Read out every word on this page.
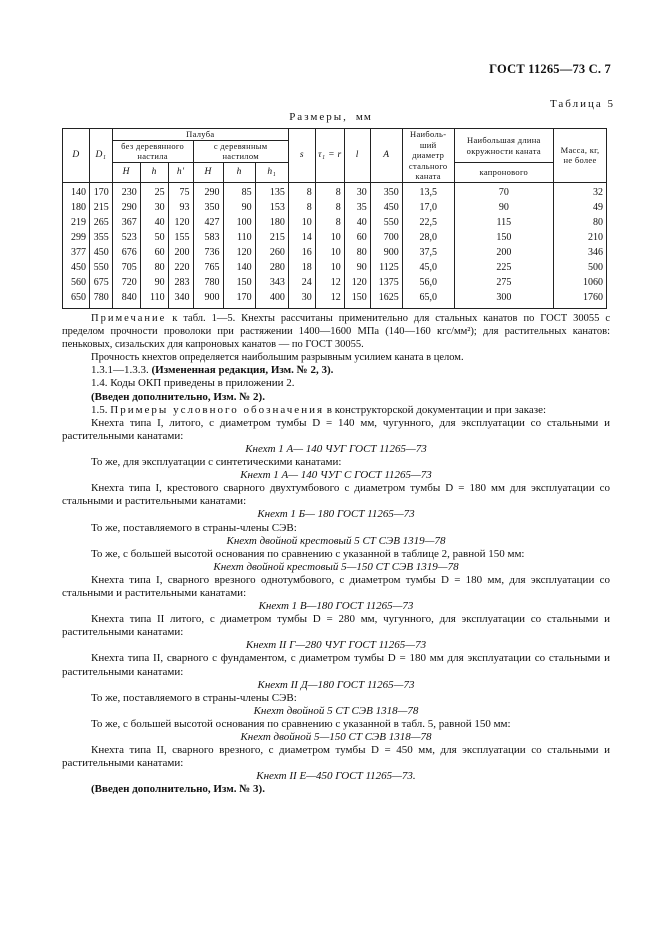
ГОСТ 11265—73 С. 7
Таблица 5
Размеры, мм
D	D₁	Палуба						s	τ₁ = r	l	A	Наиболь- ший диаметр стального каната	Наибольшая длина окружности каната	Масса, кг, не более
		без деревянного настила			с деревянным настилом									
		H	h	h'	H	h	h₁						капронового	
140	170	230	25	75	290	85	135	8	8	30	350	13,5	70	32
180	215	290	30	93	350	90	153	8	8	35	450	17,0	90	49
219	265	367	40	120	427	100	180	10	8	40	550	22,5	115	80
299	355	523	50	155	583	110	215	14	10	60	700	28,0	150	210
377	450	676	60	200	736	120	260	16	10	80	900	37,5	200	346
450	550	705	80	220	765	140	280	18	10	90	1125	45,0	225	500
560	675	720	90	283	780	150	343	24	12	120	1375	56,0	275	1060
650	780	840	110	340	900	170	400	30	12	150	1625	65,0	300	1760

Примечание к табл. 1—5. Кнехты рассчитаны применительно для стальных канатов по ГОСТ 30055 с пределом прочности проволоки при растяжении 1400—1600 МПа (140—160 кгс/мм²); для растительных канатов: пеньковых, сизальских для капроновых канатов — по ГОСТ 30055.

Прочность кнехтов определяется наибольшим разрывным усилием каната в целом.

1.3.1—1.3.3. (Измененная редакция, Изм. № 2, 3).

1.4. Коды ОКП приведены в приложении 2.

(Введен дополнительно, Изм. № 2).

1.5. Примеры условного обозначения в конструкторской документации и при заказе:

Кнехта типа I, литого, с диаметром тумбы D = 140 мм, чугунного, для эксплуатации со стальными и растительными канатами:

Кнехт 1 А— 140 ЧУГ ГОСТ 11265—73

То же, для эксплуатации с синтетическими канатами:

Кнехт 1 А— 140 ЧУГ С ГОСТ 11265—73

Кнехта типа I, крестового сварного двухтумбового с диаметром тумбы D = 180 мм для эксплуатации со стальными и растительными канатами:

Кнехт 1 Б— 180 ГОСТ 11265—73

То же, поставляемого в страны-члены СЭВ:

Кнехт двойной крестовый 5 СТ СЭВ 1319—78

То же, с большей высотой основания по сравнению с указанной в таблице 2, равной 150 мм:

Кнехт двойной крестовый 5—150 СТ СЭВ 1319—78

Кнехта типа I, сварного врезного однотумбового, с диаметром тумбы D = 180 мм, для эксплуатации со стальными и растительными канатами:

Кнехт 1 В—180 ГОСТ 11265—73

Кнехта типа II литого, с диаметром тумбы D = 280 мм, чугунного, для эксплуатации со стальными и растительными канатами:

Кнехт II Г—280 ЧУГ ГОСТ 11265—73

Кнехта типа II, сварного с фундаментом, с диаметром тумбы D = 180 мм для эксплуатации со стальными и растительными канатами:

Кнехт II Д—180 ГОСТ 11265—73

То же, поставляемого в страны-члены СЭВ:

Кнехт двойной 5 СТ СЭВ 1318—78

То же, с большей высотой основания по сравнению с указанной в табл. 5, равной 150 мм:

Кнехт двойной 5—150 СТ СЭВ 1318—78

Кнехта типа II, сварного врезного, с диаметром тумбы D = 450 мм, для эксплуатации со стальными и растительными канатами:

Кнехт II Е—450 ГОСТ 11265—73.

(Введен дополнительно, Изм. № 3).
